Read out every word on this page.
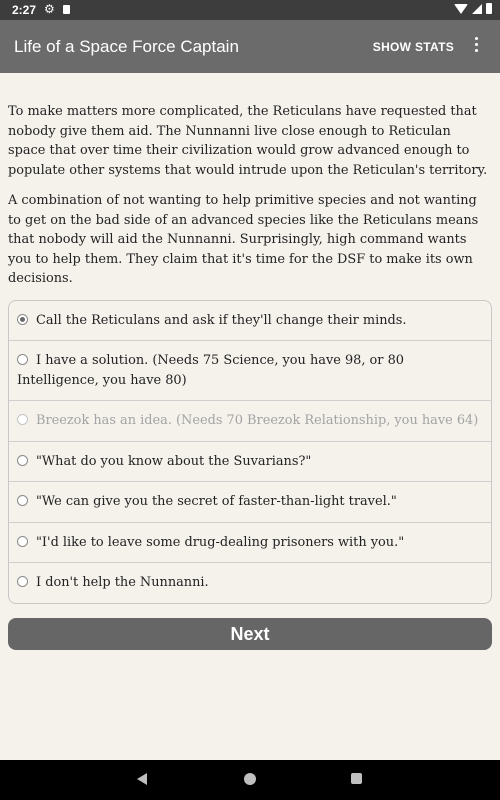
2:27 ⚙
Life of a Space Force Captain	SHOW STATS

To make matters more complicated, the Reticulans have requested that nobody give them aid. The Nunnanni live close enough to Reticulan space that over time their civilization would grow advanced enough to populate other systems that would intrude upon the Reticulan's territory.

A combination of not wanting to help primitive species and not wanting to get on the bad side of an advanced species like the Reticulans means that nobody will aid the Nunnanni. Surprisingly, high command wants you to help them. They claim that it's time for the DSF to make its own decisions.

Call the Reticulans and ask if they'll change their minds.
I have a solution. (Needs 75 Science, you have 98, or 80 Intelligence, you have 80)
Breezok has an idea. (Needs 70 Breezok Relationship, you have 64)
"What do you know about the Suvarians?"
"We can give you the secret of faster-than-light travel."
"I'd like to leave some drug-dealing prisoners with you."
I don't help the Nunnanni.
Next
